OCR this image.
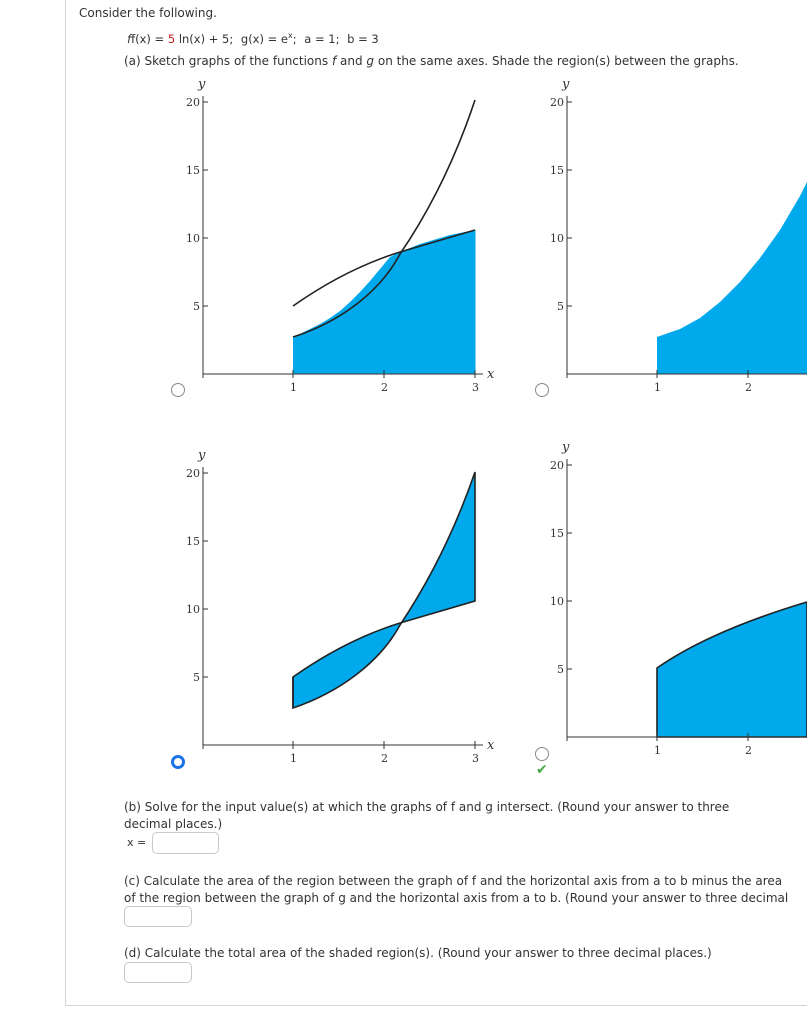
Consider the following.
ff(x) = 5 ln(x) + 5; $g(x) = e^x$; a = 1; b = 3
(a) Sketch graphs of the functions f and g on the same axes. Shade the region(s) between the graphs.
y
x
20
15
10
5
1	2	3
y
20
15
10
5
1	2
y
x
20
15
10
5
1	2	3
y
20
15
10
5
1	2
✔
(b) Solve for the input value(s) at which the graphs of f and g intersect. (Round your answer to three decimal places.)
x =
(c) Calculate the area of the region between the graph of f and the horizontal axis from a to b minus the area of the region between the graph of g and the horizontal axis from a to b. (Round your answer to three decimal
(d) Calculate the total area of the shaded region(s). (Round your answer to three decimal places.)
